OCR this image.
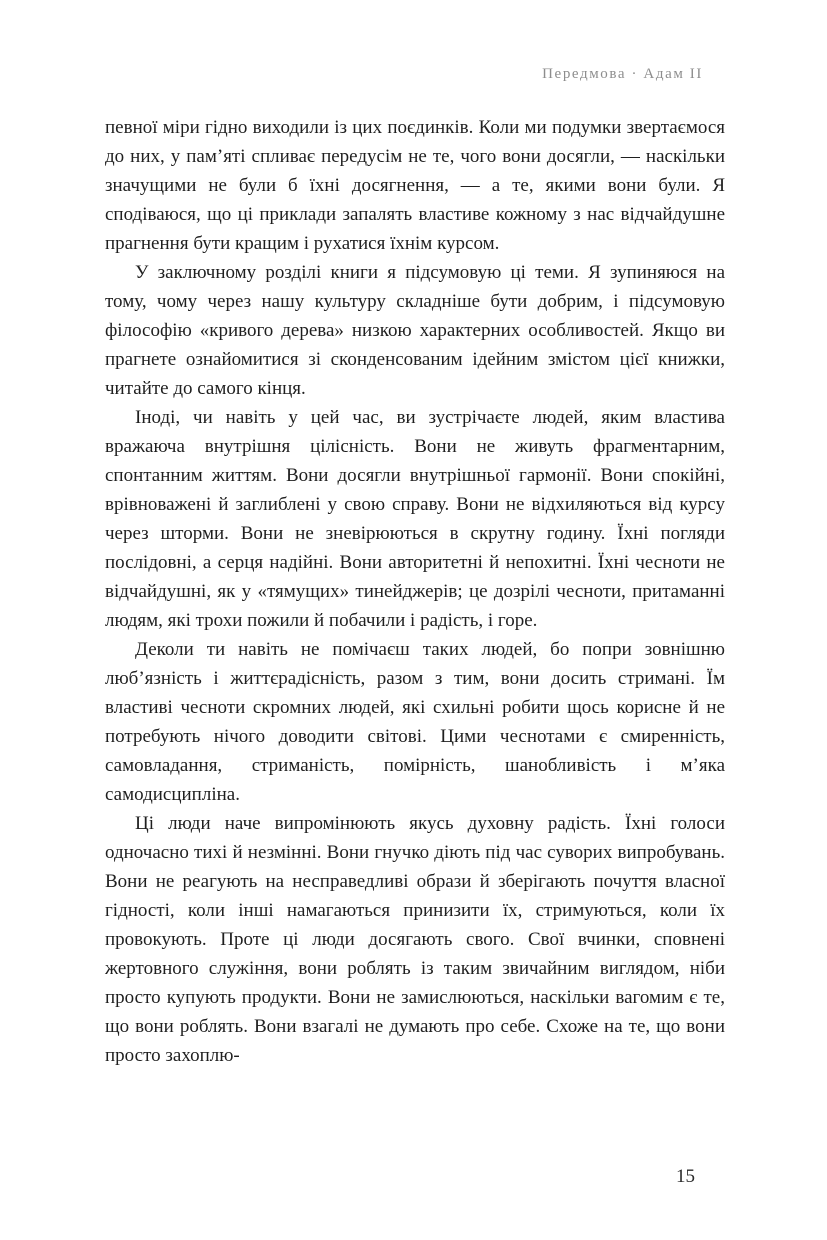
Передмова · Адам ІІ

певної міри гідно виходили із цих поєдинків. Коли ми подумки звертаємося до них, у пам’яті спливає передусім не те, чого вони досягли, — наскільки значущими не були б їхні досягнення, — а те, якими вони були. Я сподіваюся, що ці приклади запалять властиве кожному з нас відчайдушне прагнення бути кращим і рухатися їхнім курсом.

У заключному розділі книги я підсумовую ці теми. Я зупиняюся на тому, чому через нашу культуру складніше бути добрим, і підсумовую філософію «кривого дерева» низкою характерних особливостей. Якщо ви прагнете ознайомитися зі сконденсованим ідейним змістом цієї книжки, читайте до самого кінця.

Іноді, чи навіть у цей час, ви зустрічаєте людей, яким властива вражаюча внутрішня цілісність. Вони не живуть фрагментарним, спонтанним життям. Вони досягли внутрішньої гармонії. Вони спокійні, врівноважені й заглиблені у свою справу. Вони не відхиляються від курсу через шторми. Вони не зневірюються в скрутну годину. Їхні погляди послідовні, а серця надійні. Вони авторитетні й непохитні. Їхні чесноти не відчайдушні, як у «тямущих» тинейджерів; це дозрілі чесноти, притаманні людям, які трохи пожили й побачили і радість, і горе.

Деколи ти навіть не помічаєш таких людей, бо попри зовнішню люб’язність і життєрадісність, разом з тим, вони досить стримані. Їм властиві чесноти скромних людей, які схильні робити щось корисне й не потребують нічого доводити світові. Цими чеснотами є смиренність, самовладання, стриманість, помірність, шанобливість і м’яка самодисципліна.

Ці люди наче випромінюють якусь духовну радість. Їхні голоси одночасно тихі й незмінні. Вони гнучко діють під час суворих випробувань. Вони не реагують на несправедливі образи й зберігають почуття власної гідності, коли інші намагаються принизити їх, стримуються, коли їх провокують. Проте ці люди досягають свого. Свої вчинки, сповнені жертовного служіння, вони роблять із таким звичайним виглядом, ніби просто купують продукти. Вони не замислюються, наскільки вагомим є те, що вони роблять. Вони взагалі не думають про себе. Схоже на те, що вони просто захоплю-

15
